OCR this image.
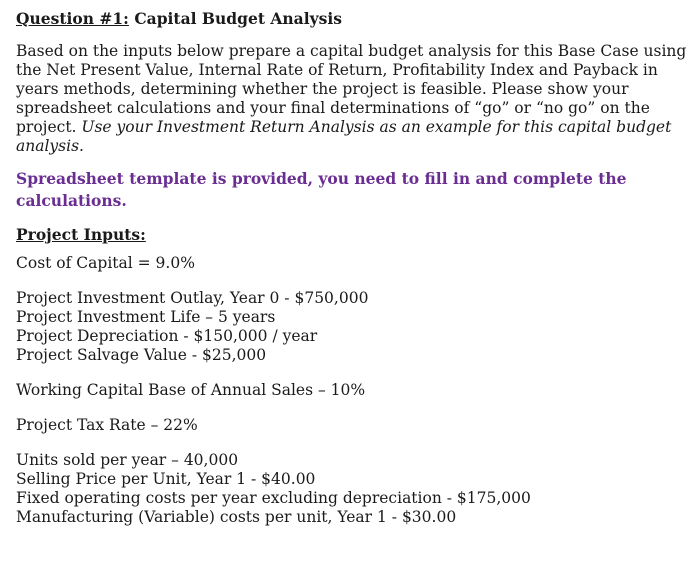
Question #1: Capital Budget Analysis
Based on the inputs below prepare a capital budget analysis for this Base Case using the Net Present Value, Internal Rate of Return, Profitability Index and Payback in years methods, determining whether the project is feasible. Please show your spreadsheet calculations and your final determinations of “go” or “no go” on the project. Use your Investment Return Analysis as an example for this capital budget analysis.
Spreadsheet template is provided, you need to fill in and complete the calculations.
Project Inputs:
Cost of Capital = 9.0%
Project Investment Outlay, Year 0 - $750,000
Project Investment Life – 5 years
Project Depreciation - $150,000 / year
Project Salvage Value - $25,000
Working Capital Base of Annual Sales – 10%
Project Tax Rate – 22%
Units sold per year – 40,000
Selling Price per Unit, Year 1 - $40.00
Fixed operating costs per year excluding depreciation - $175,000
Manufacturing (Variable) costs per unit, Year 1 - $30.00
